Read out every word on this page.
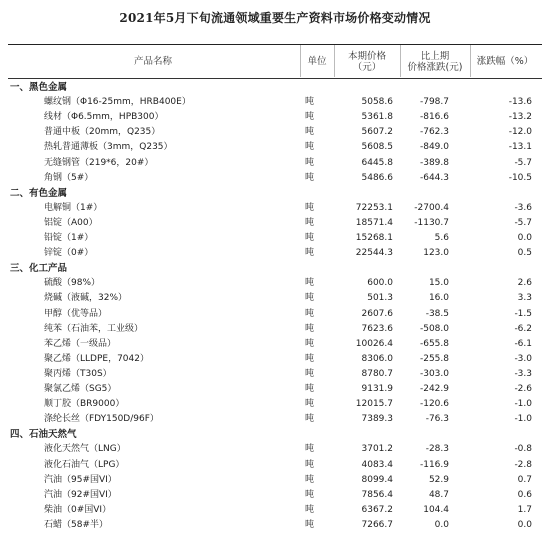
2021年5月下旬流通领域重要生产资料市场价格变动情况
产品名称	单位	本期价格
（元）
比上期
价格涨跌(元)
涨跌幅（%）
一、黑色金属
螺纹钢（Φ16-25mm，HRB400E）	吨	5058.6	-798.7	-13.6
线材（Φ6.5mm，HPB300）	吨	5361.8	-816.6	-13.2
普通中板（20mm，Q235）	吨	5607.2	-762.3	-12.0
热轧普通薄板（3mm，Q235）	吨	5608.5	-849.0	-13.1
无缝钢管（219*6，20#）	吨	6445.8	-389.8	-5.7
角钢（5#）	吨	5486.6	-644.3	-10.5
二、有色金属
电解铜（1#）	吨	72253.1 -2700.4	-3.6
铝锭（A00）	吨	18571.4 -1130.7	-5.7
铅锭（1#）	吨	15268.1	5.6	0.0
锌锭（0#）	吨	22544.3	123.0	0.5
三、化工产品
硫酸（98%）	吨	600.0	15.0	2.6
烧碱（液碱，32%）	吨	501.3	16.0	3.3
甲醇（优等品）	吨	2607.6	-38.5	-1.5
纯苯（石油苯，工业级）	吨	7623.6	-508.0	-6.2
苯乙烯（一级品）	吨	10026.4	-655.8	-6.1
聚乙烯（LLDPE，7042）	吨	8306.0	-255.8	-3.0
聚丙烯（T30S）	吨	8780.7	-303.0	-3.3
聚氯乙烯（SG5）	吨	9131.9	-242.9	-2.6
顺丁胶（BR9000）	吨	12015.7	-120.6	-1.0
涤纶长丝（FDY150D/96F）	吨	7389.3	-76.3	-1.0
四、石油天然气
液化天然气（LNG）	吨	3701.2	-28.3	-0.8
液化石油气（LPG）	吨	4083.4	-116.9	-2.8
汽油（95#国VI）	吨	8099.4	52.9	0.7
汽油（92#国VI）	吨	7856.4	48.7	0.6
柴油（0#国VI）	吨	6367.2	104.4	1.7
石蜡（58#半）	吨	7266.7	0.0	0.0
